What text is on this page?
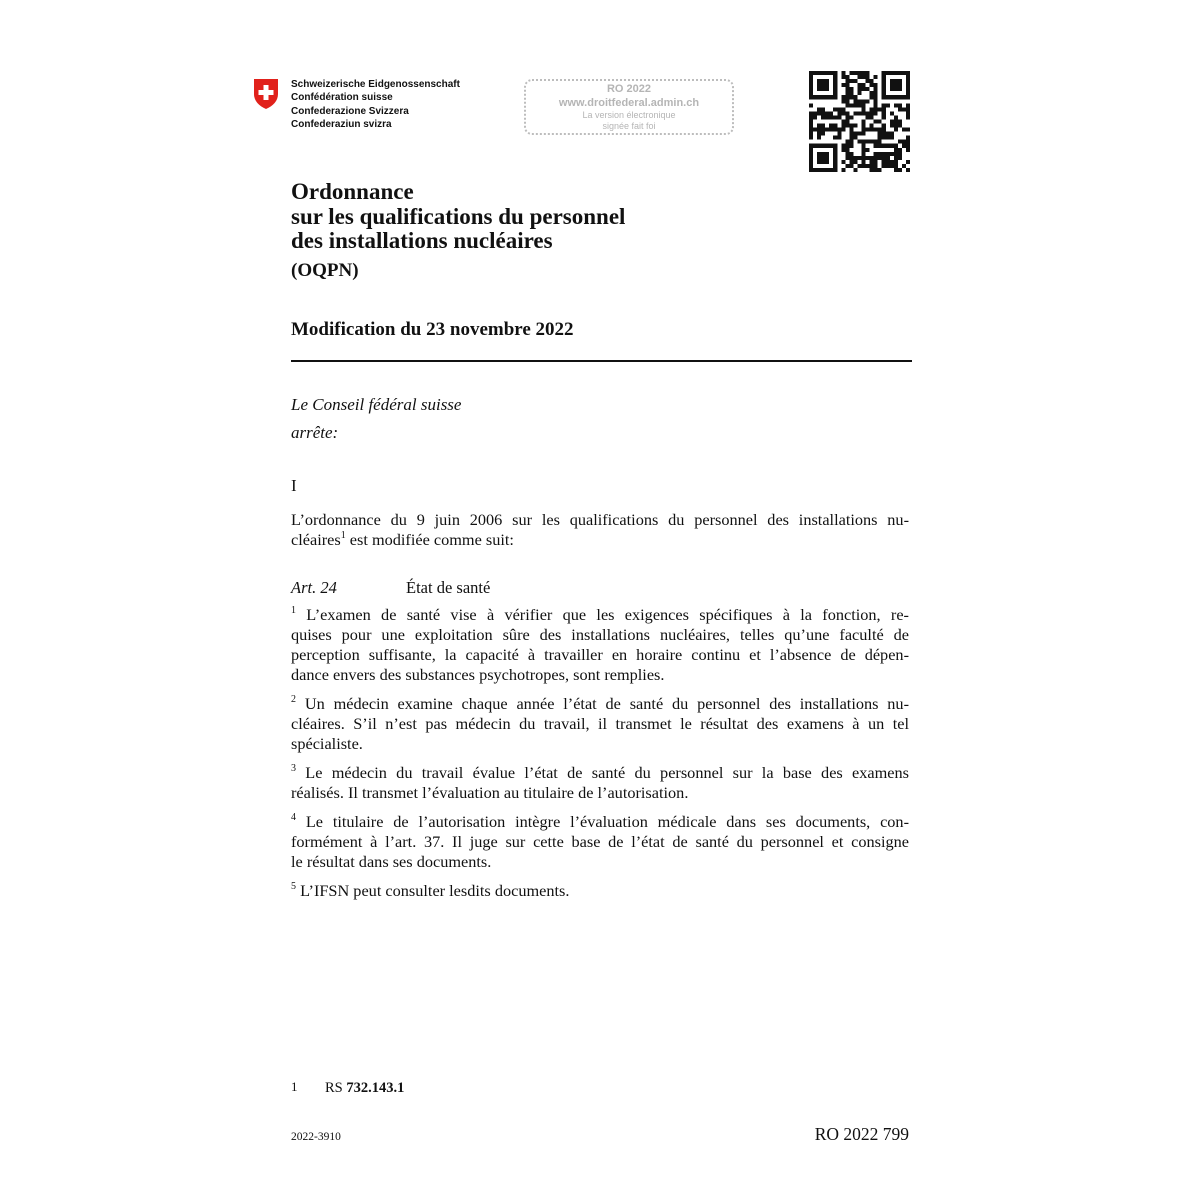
Schweizerische Eidgenossenschaft
Confédération suisse
Confederazione Svizzera
Confederaziun svizra
RO 2022
www.droitfederal.admin.ch
La version électronique
signée fait foi
Ordonnance
sur les qualifications du personnel
des installations nucléaires
(OQPN)
Modification du 23 novembre 2022
Le Conseil fédéral suisse
arrête:
I
L’ordonnance du 9 juin 2006 sur les qualifications du personnel des installations nu-
cléaires$^1$ est modifiée comme suit:
Art. 24	État de santé
$^1$ L’examen de santé vise à vérifier que les exigences spécifiques à la fonction, re-
quises pour une exploitation sûre des installations nucléaires, telles qu’une faculté de
perception suffisante, la capacité à travailler en horaire continu et l’absence de dépen-
dance envers des substances psychotropes, sont remplies.
$^2$ Un médecin examine chaque année l’état de santé du personnel des installations nu-
cléaires. S’il n’est pas médecin du travail, il transmet le résultat des examens à un tel
spécialiste.
$^3$ Le médecin du travail évalue l’état de santé du personnel sur la base des examens
réalisés. Il transmet l’évaluation au titulaire de l’autorisation.
$^4$ Le titulaire de l’autorisation intègre l’évaluation médicale dans ses documents, con-
formément à l’art. 37. Il juge sur cette base de l’état de santé du personnel et consigne
le résultat dans ses documents.
$^5$ L’IFSN peut consulter lesdits documents.
1 RS 732.143.1
2022-3910	RO 2022 799
